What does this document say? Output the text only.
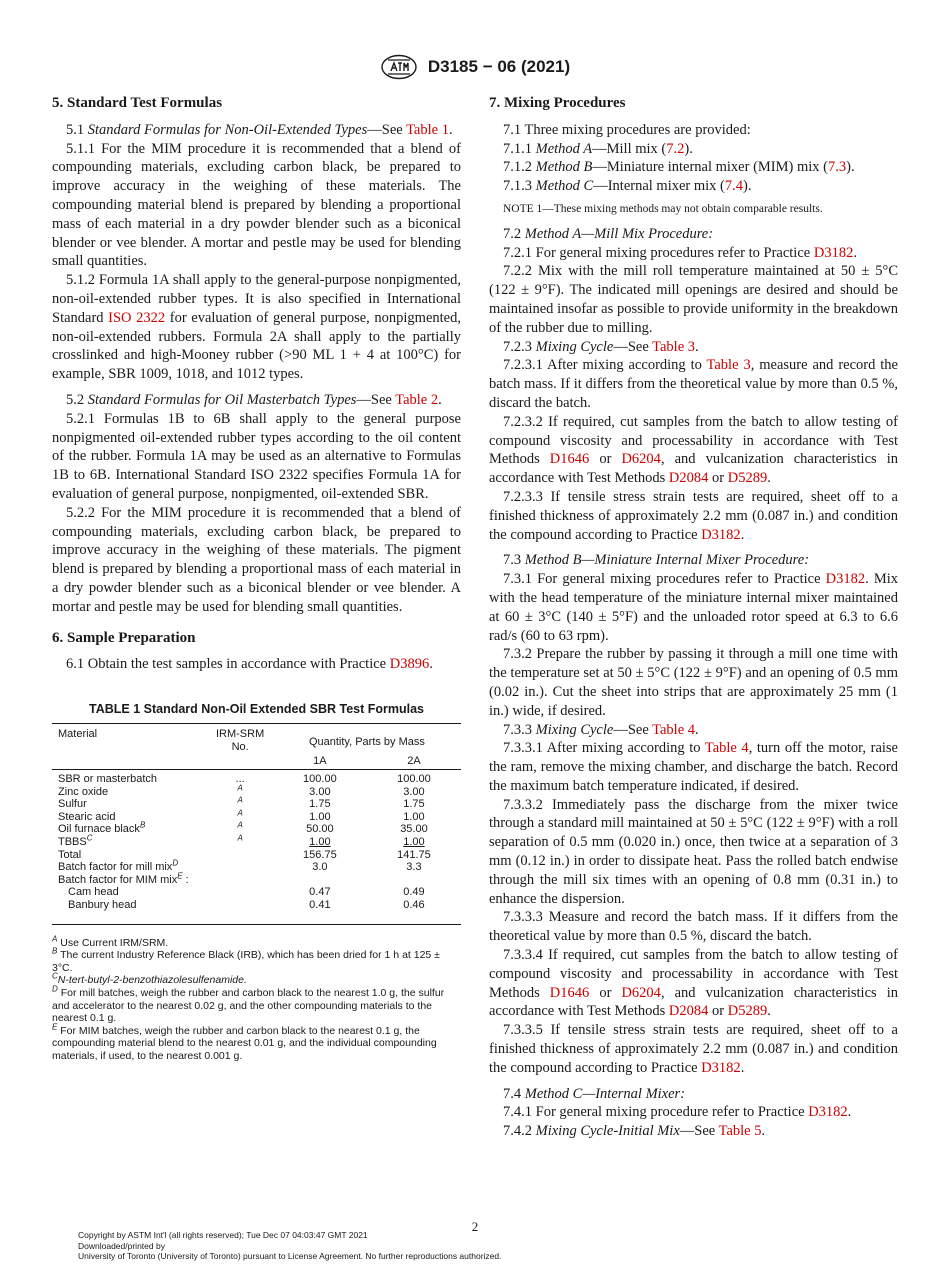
D3185 − 06 (2021)
5. Standard Test Formulas

5.1 Standard Formulas for Non-Oil-Extended Types—See Table 1.

5.1.1 For the MIM procedure it is recommended that a blend of compounding materials, excluding carbon black, be prepared to improve accuracy in the weighing of these materials. The compounding material blend is prepared by blending a proportional mass of each material in a dry powder blender such as a biconical blender or vee blender. A mortar and pestle may be used for blending small quantities.

5.1.2 Formula 1A shall apply to the general-purpose nonpigmented, non-oil-extended rubber types. It is also specified in International Standard ISO 2322 for evaluation of general purpose, nonpigmented, non-oil-extended rubbers. Formula 2A shall apply to the partially crosslinked and high-Mooney rubber (>90 ML 1 + 4 at 100°C) for example, SBR 1009, 1018, and 1012 types.

5.2 Standard Formulas for Oil Masterbatch Types—See Table 2.

5.2.1 Formulas 1B to 6B shall apply to the general purpose nonpigmented oil-extended rubber types according to the oil content of the rubber. Formula 1A may be used as an alternative to Formulas 1B to 6B. International Standard ISO 2322 specifies Formula 1A for evaluation of general purpose, nonpigmented, oil-extended SBR.

5.2.2 For the MIM procedure it is recommended that a blend of compounding materials, excluding carbon black, be prepared to improve accuracy in the weighing of these materials. The pigment blend is prepared by blending a proportional mass of each material in a dry powder blender such as a biconical blender or vee blender. A mortar and pestle may be used for blending small quantities.

6. Sample Preparation

6.1 Obtain the test samples in accordance with Practice D3896.

TABLE 1 Standard Non-Oil Extended SBR Test Formulas
Material	IRM-SRM No.	Quantity, Parts by Mass	
		1A	2A

SBR or masterbatch	...	100.00	100.00
Zinc oxide	$^A$	3.00	3.00
Sulfur	$^A$	1.75	1.75
Stearic acid	$^A$	1.00	1.00
Oil furnace black$^B$	$^A$	50.00	35.00
$TBBS^C$	$^A$	1.00	1.00
Total		156.75	141.75
Batch factor for mill mix$^D$		3.0	3.3
Batch factor for MIM mix$^E$ :			
Cam head		0.47	0.49
Banbury head		0.41	0.46

$^A$ Use Current IRM/SRM.
$^B$ The current Industry Reference Black (IRB), which has been dried for 1 h at 125 ± 3°C.
$^C$N-tert-butyl-2-benzothiazolesulfenamide.
$^D$ For mill batches, weigh the rubber and carbon black to the nearest 1.0 g, the sulfur and accelerator to the nearest 0.02 g, and the other compounding materials to the nearest 0.1 g.
$^E$ For MIM batches, weigh the rubber and carbon black to the nearest 0.1 g, the compounding material blend to the nearest 0.01 g, and the individual compounding materials, if used, to the nearest 0.001 g.
7. Mixing Procedures

7.1 Three mixing procedures are provided:

7.1.1 Method A—Mill mix (7.2).

7.1.2 Method B—Miniature internal mixer (MIM) mix (7.3).

7.1.3 Method C—Internal mixer mix (7.4).

NOTE 1—These mixing methods may not obtain comparable results.

7.2 Method A—Mill Mix Procedure:

7.2.1 For general mixing procedures refer to Practice D3182.

7.2.2 Mix with the mill roll temperature maintained at 50 ± 5°C (122 ± 9°F). The indicated mill openings are desired and should be maintained insofar as possible to provide uniformity in the breakdown of the rubber due to milling.

7.2.3 Mixing Cycle—See Table 3.

7.2.3.1 After mixing according to Table 3, measure and record the batch mass. If it differs from the theoretical value by more than 0.5 %, discard the batch.

7.2.3.2 If required, cut samples from the batch to allow testing of compound viscosity and processability in accordance with Test Methods D1646 or D6204, and vulcanization characteristics in accordance with Test Methods D2084 or D5289.

7.2.3.3 If tensile stress strain tests are required, sheet off to a finished thickness of approximately 2.2 mm (0.087 in.) and condition the compound according to Practice D3182.

7.3 Method B—Miniature Internal Mixer Procedure:

7.3.1 For general mixing procedures refer to Practice D3182. Mix with the head temperature of the miniature internal mixer maintained at 60 ± 3°C (140 ± 5°F) and the unloaded rotor speed at 6.3 to 6.6 rad/s (60 to 63 rpm).

7.3.2 Prepare the rubber by passing it through a mill one time with the temperature set at 50 ± 5°C (122 ± 9°F) and an opening of 0.5 mm (0.02 in.). Cut the sheet into strips that are approximately 25 mm (1 in.) wide, if desired.

7.3.3 Mixing Cycle—See Table 4.

7.3.3.1 After mixing according to Table 4, turn off the motor, raise the ram, remove the mixing chamber, and discharge the batch. Record the maximum batch temperature indicated, if desired.

7.3.3.2 Immediately pass the discharge from the mixer twice through a standard mill maintained at 50 ± 5°C (122 ± 9°F) with a roll separation of 0.5 mm (0.020 in.) once, then twice at a separation of 3 mm (0.12 in.) in order to dissipate heat. Pass the rolled batch endwise through the mill six times with an opening of 0.8 mm (0.31 in.) to enhance the dispersion.

7.3.3.3 Measure and record the batch mass. If it differs from the theoretical value by more than 0.5 %, discard the batch.

7.3.3.4 If required, cut samples from the batch to allow testing of compound viscosity and processability in accordance with Test Methods D1646 or D6204, and vulcanization characteristics in accordance with Test Methods D2084 or D5289.

7.3.3.5 If tensile stress strain tests are required, sheet off to a finished thickness of approximately 2.2 mm (0.087 in.) and condition the compound according to Practice D3182.

7.4 Method C—Internal Mixer:

7.4.1 For general mixing procedure refer to Practice D3182.

7.4.2 Mixing Cycle-Initial Mix—See Table 5.

2
Copyright by ASTM Int'l (all rights reserved); Tue Dec 07 04:03:47 GMT 2021
Downloaded/printed by
University of Toronto (University of Toronto) pursuant to License Agreement. No further reproductions authorized.
